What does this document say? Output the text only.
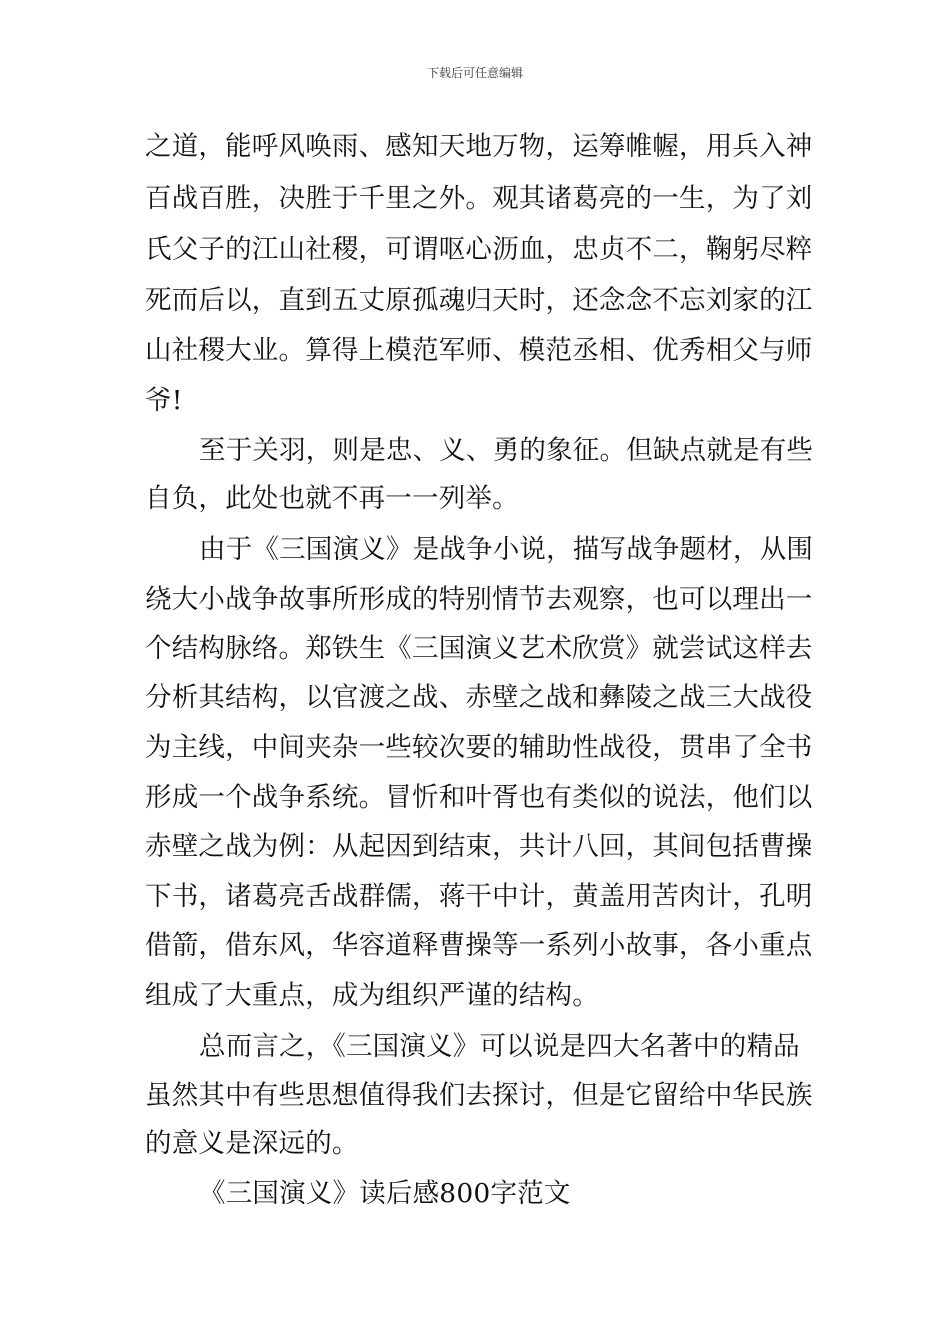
下载后可任意编辑
之道，能呼风唤雨、感知天地万物，运筹帷幄，用兵入神
百战百胜，决胜于千里之外。观其诸葛亮的一生，为了刘
氏父子的江山社稷，可谓呕心沥血，忠贞不二，鞠躬尽粹
死而后以，直到五丈原孤魂归天时，还念念不忘刘家的江
山社稷大业。算得上模范军师、模范丞相、优秀相父与师
爷!
至于关羽，则是忠、义、勇的象征。但缺点就是有些
自负，此处也就不再一一列举。
由于《三国演义》是战争小说，描写战争题材，从围
绕大小战争故事所形成的特别情节去观察，也可以理出一
个结构脉络。郑铁生《三国演义艺术欣赏》就尝试这样去
分析其结构，以官渡之战、赤壁之战和彝陵之战三大战役
为主线，中间夹杂一些较次要的辅助性战役，贯串了全书
形成一个战争系统。冒忻和叶胥也有类似的说法，他们以
赤壁之战为例：从起因到结束，共计八回，其间包括曹操
下书，诸葛亮舌战群儒，蒋干中计，黄盖用苦肉计，孔明
借箭，借东风，华容道释曹操等一系列小故事，各小重点
组成了大重点，成为组织严谨的结构。
总而言之，《三国演义》可以说是四大名著中的精品
虽然其中有些思想值得我们去探讨，但是它留给中华民族
的意义是深远的。
《三国演义》读后感800字范文
